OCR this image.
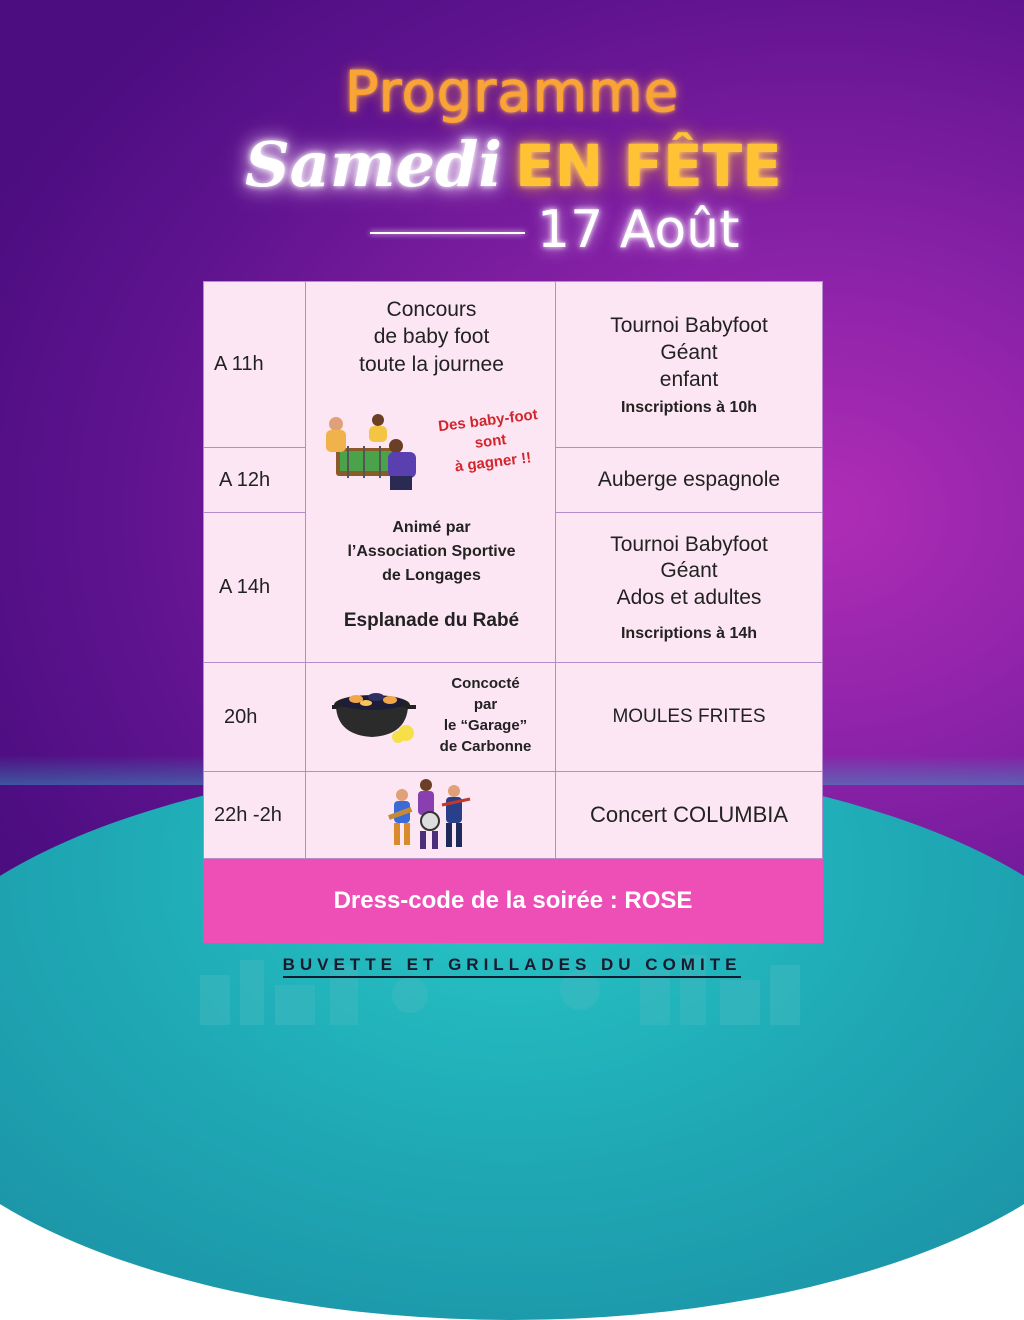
Programme
Samedi EN FÊTE
17 Août
A 11h
A 12h
A 14h
20h
22h -2h
Concours
de baby foot
toute la journee
Des baby-foot
sont
à gagner !!
Animé par
l’Association Sportive
de Longages
Esplanade du Rabé
Concocté
par
le “Garage”
de Carbonne
Tournoi Babyfoot
Géant
enfant
Inscriptions à 10h
Auberge espagnole
Tournoi Babyfoot
Géant
Ados et adultes
Inscriptions à 14h
MOULES FRITES
Concert COLUMBIA
Dress-code de la soirée : ROSE
BUVETTE ET GRILLADES DU COMITE
